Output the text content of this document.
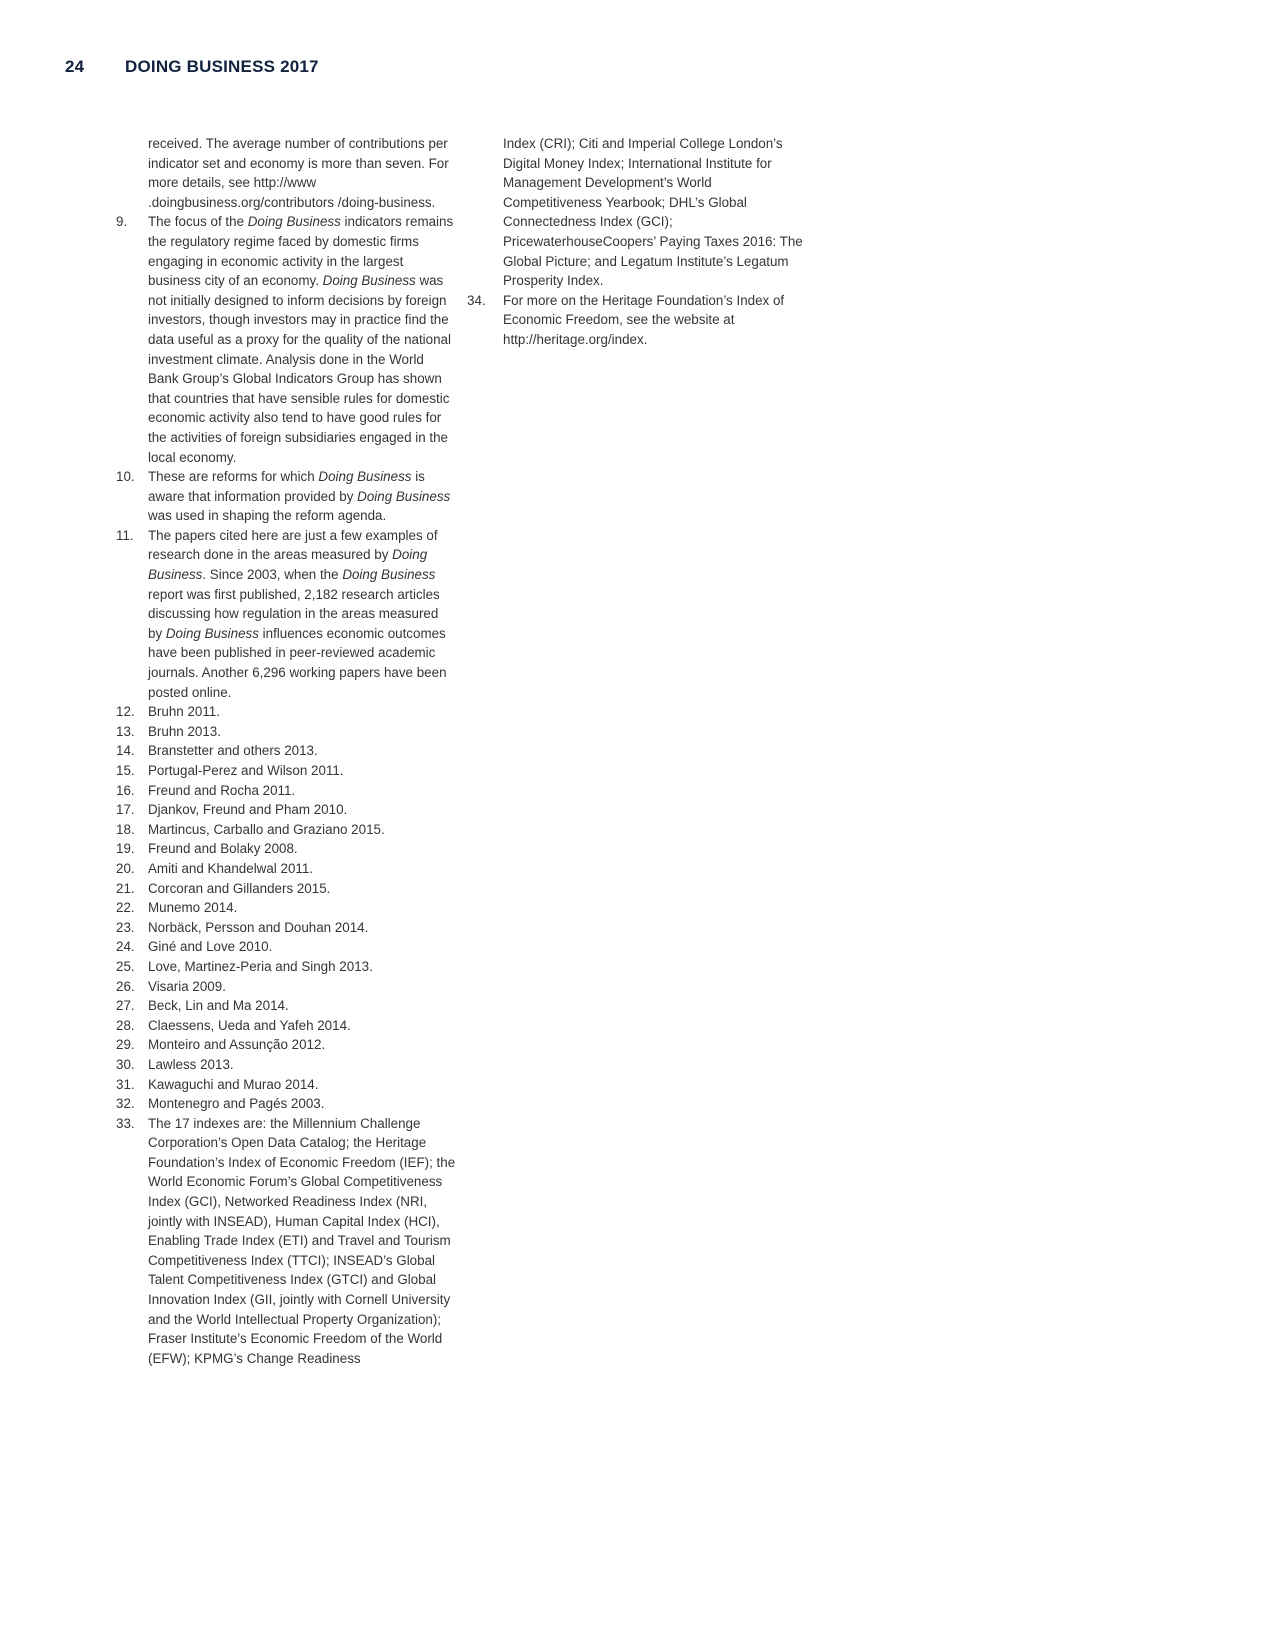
24	DOING BUSINESS 2017
received. The average number of contributions per indicator set and economy is more than seven. For more details, see http://www .doingbusiness.org/contributors /doing-business.
9.	The focus of the Doing Business indicators remains the regulatory regime faced by domestic firms engaging in economic activity in the largest business city of an economy. Doing Business was not initially designed to inform decisions by foreign investors, though investors may in practice find the data useful as a proxy for the quality of the national investment climate. Analysis done in the World Bank Group’s Global Indicators Group has shown that countries that have sensible rules for domestic economic activity also tend to have good rules for the activities of foreign subsidiaries engaged in the local economy.
10. These are reforms for which Doing Business is aware that information provided by Doing Business was used in shaping the reform agenda.
11.	The papers cited here are just a few examples of research done in the areas measured by Doing Business. Since 2003, when the Doing Business report was first published, 2,182 research articles discussing how regulation in the areas measured by Doing Business influences economic outcomes have been published in peer-reviewed academic journals. Another 6,296 working papers have been posted online.
12. Bruhn 2011.
13. Bruhn 2013.
14. Branstetter and others 2013.
15. Portugal-Perez and Wilson 2011.
16. Freund and Rocha 2011.
17. Djankov, Freund and Pham 2010.
18. Martincus, Carballo and Graziano 2015.
19. Freund and Bolaky 2008.
20. Amiti and Khandelwal 2011.
21. Corcoran and Gillanders 2015.
22. Munemo 2014.
23. Norbäck, Persson and Douhan 2014.
24. Giné and Love 2010.
25. Love, Martinez-Peria and Singh 2013.
26. Visaria 2009.
27. Beck, Lin and Ma 2014.
28. Claessens, Ueda and Yafeh 2014.
29. Monteiro and Assunção 2012.
30. Lawless 2013.
31. Kawaguchi and Murao 2014.
32. Montenegro and Pagés 2003.
33. The 17 indexes are: the Millennium Challenge Corporation’s Open Data Catalog; the Heritage Foundation’s Index of Economic Freedom (IEF); the World Economic Forum’s Global Competitiveness Index (GCI), Networked Readiness Index (NRI, jointly with INSEAD), Human Capital Index (HCI), Enabling Trade Index (ETI) and Travel and Tourism Competitiveness Index (TTCI); INSEAD’s Global Talent Competitiveness Index (GTCI) and Global Innovation Index (GII, jointly with Cornell University and the World Intellectual Property Organization); Fraser Institute’s Economic Freedom of the World (EFW); KPMG’s Change Readiness
Index (CRI); Citi and Imperial College London’s Digital Money Index; International Institute for Management Development’s World Competitiveness Yearbook; DHL’s Global Connectedness Index (GCI); PricewaterhouseCoopers’ Paying Taxes 2016: The Global Picture; and Legatum Institute’s Legatum Prosperity Index.
34.	For more on the Heritage Foundation’s Index of Economic Freedom, see the website at http://heritage.org/index.
